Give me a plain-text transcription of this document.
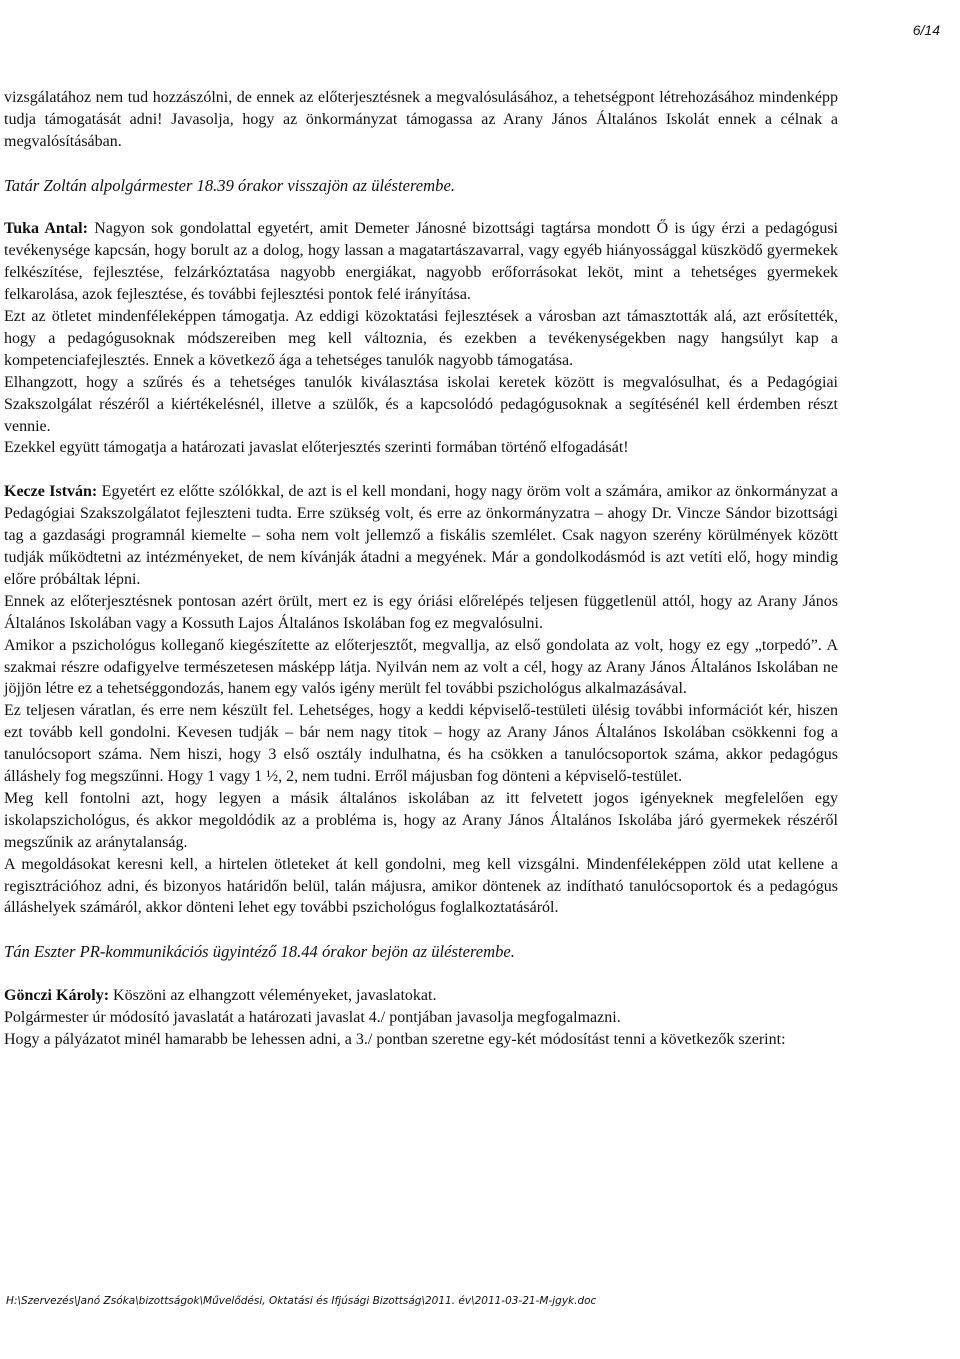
6/14

vizsgálatához nem tud hozzászólni, de ennek az előterjesztésnek a megvalósulásához, a tehetségpont létrehozásához mindenképp tudja támogatását adni! Javasolja, hogy az önkormányzat támogassa az Arany János Általános Iskolát ennek a célnak a megvalósításában.

Tatár Zoltán alpolgármester 18.39 órakor visszajön az ülésterembe.

Tuka Antal: Nagyon sok gondolattal egyetért, amit Demeter Jánosné bizottsági tagtársa mondott Ő is úgy érzi a pedagógusi tevékenysége kapcsán, hogy borult az a dolog, hogy lassan a magatartászavarral, vagy egyéb hiányossággal küszködő gyermekek felkészítése, fejlesztése, felzárkóztatása nagyobb energiákat, nagyobb erőforrásokat leköt, mint a tehetséges gyermekek felkarolása, azok fejlesztése, és további fejlesztési pontok felé irányítása.

Ezt az ötletet mindenféleképpen támogatja. Az eddigi közoktatási fejlesztések a városban azt támasztották alá, azt erősítették, hogy a pedagógusoknak módszereiben meg kell változnia, és ezekben a tevékenységekben nagy hangsúlyt kap a kompetenciafejlesztés. Ennek a következő ága a tehetséges tanulók nagyobb támogatása.

Elhangzott, hogy a szűrés és a tehetséges tanulók kiválasztása iskolai keretek között is megvalósulhat, és a Pedagógiai Szakszolgálat részéről a kiértékelésnél, illetve a szülők, és a kapcsolódó pedagógusoknak a segítésénél kell érdemben részt vennie.

Ezekkel együtt támogatja a határozati javaslat előterjesztés szerinti formában történő elfogadását!

Kecze István: Egyetért ez előtte szólókkal, de azt is el kell mondani, hogy nagy öröm volt a számára, amikor az önkormányzat a Pedagógiai Szakszolgálatot fejleszteni tudta. Erre szükség volt, és erre az önkormányzatra – ahogy Dr. Vincze Sándor bizottsági tag a gazdasági programnál kiemelte – soha nem volt jellemző a fiskális szemlélet. Csak nagyon szerény körülmények között tudják működtetni az intézményeket, de nem kívánják átadni a megyének. Már a gondolkodásmód is azt vetíti elő, hogy mindig előre próbáltak lépni.

Ennek az előterjesztésnek pontosan azért örült, mert ez is egy óriási előrelépés teljesen függetlenül attól, hogy az Arany János Általános Iskolában vagy a Kossuth Lajos Általános Iskolában fog ez megvalósulni.

Amikor a pszichológus kolleganő kiegészítette az előterjesztőt, megvallja, az első gondolata az volt, hogy ez egy „torpedó”. A szakmai részre odafigyelve természetesen másképp látja. Nyilván nem az volt a cél, hogy az Arany János Általános Iskolában ne jöjjön létre ez a tehetséggondozás, hanem egy valós igény merült fel további pszichológus alkalmazásával.

Ez teljesen váratlan, és erre nem készült fel. Lehetséges, hogy a keddi képviselő-testületi ülésig további információt kér, hiszen ezt tovább kell gondolni. Kevesen tudják – bár nem nagy titok – hogy az Arany János Általános Iskolában csökkenni fog a tanulócsoport száma. Nem hiszi, hogy 3 első osztály indulhatna, és ha csökken a tanulócsoportok száma, akkor pedagógus álláshely fog megszűnni. Hogy 1 vagy 1 ½, 2, nem tudni. Erről májusban fog dönteni a képviselő-testület.

Meg kell fontolni azt, hogy legyen a másik általános iskolában az itt felvetett jogos igényeknek megfelelően egy iskolapszichológus, és akkor megoldódik az a probléma is, hogy az Arany János Általános Iskolába járó gyermekek részéről megszűnik az aránytalanság.

A megoldásokat keresni kell, a hirtelen ötleteket át kell gondolni, meg kell vizsgálni. Mindenféleképpen zöld utat kellene a regisztrációhoz adni, és bizonyos határidőn belül, talán májusra, amikor döntenek az indítható tanulócsoportok és a pedagógus álláshelyek számáról, akkor dönteni lehet egy további pszichológus foglalkoztatásáról.

Tán Eszter PR-kommunikációs ügyintéző 18.44 órakor bejön az ülésterembe.

Gönczi Károly: Köszöni az elhangzott véleményeket, javaslatokat.

Polgármester úr módosító javaslatát a határozati javaslat 4./ pontjában javasolja megfogalmazni.

Hogy a pályázatot minél hamarabb be lehessen adni, a 3./ pontban szeretne egy-két módosítást tenni a következők szerint:

H:\Szervezés\Janó Zsóka\bizottságok\Művelődési, Oktatási és Ifjúsági Bizottság\2011. év\2011-03-21-M-jgyk.doc
